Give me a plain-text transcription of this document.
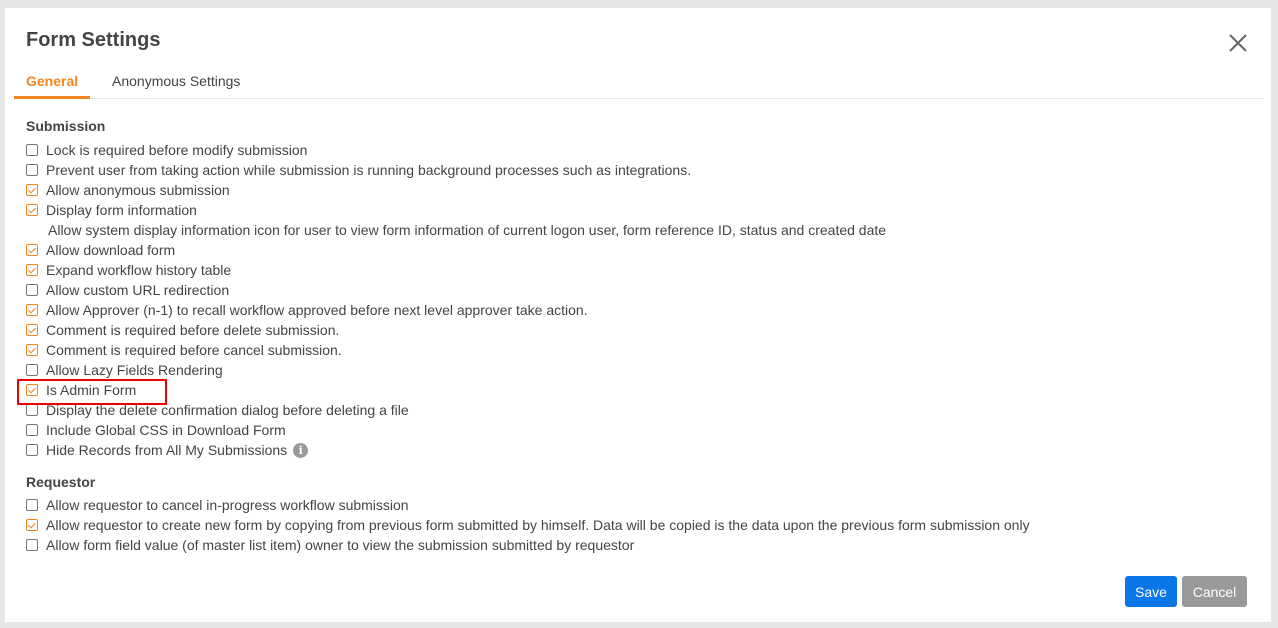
Form Settings
General	Anonymous Settings
Submission
Lock is required before modify submission
Prevent user from taking action while submission is running background processes such as integrations.
Allow anonymous submission
Display form information
Allow system display information icon for user to view form information of current logon user, form reference ID, status and created date
Allow download form
Expand workflow history table
Allow custom URL redirection
Allow Approver (n-1) to recall workflow approved before next level approver take action.
Comment is required before delete submission.
Comment is required before cancel submission.
Allow Lazy Fields Rendering
Is Admin Form
Display the delete confirmation dialog before deleting a file
Include Global CSS in Download Form
Hide Records from All My Submissions	i
Requestor
Allow requestor to cancel in-progress workflow submission
Allow requestor to create new form by copying from previous form submitted by himself. Data will be copied is the data upon the previous form submission only
Allow form field value (of master list item) owner to view the submission submitted by requestor
Save	Cancel
